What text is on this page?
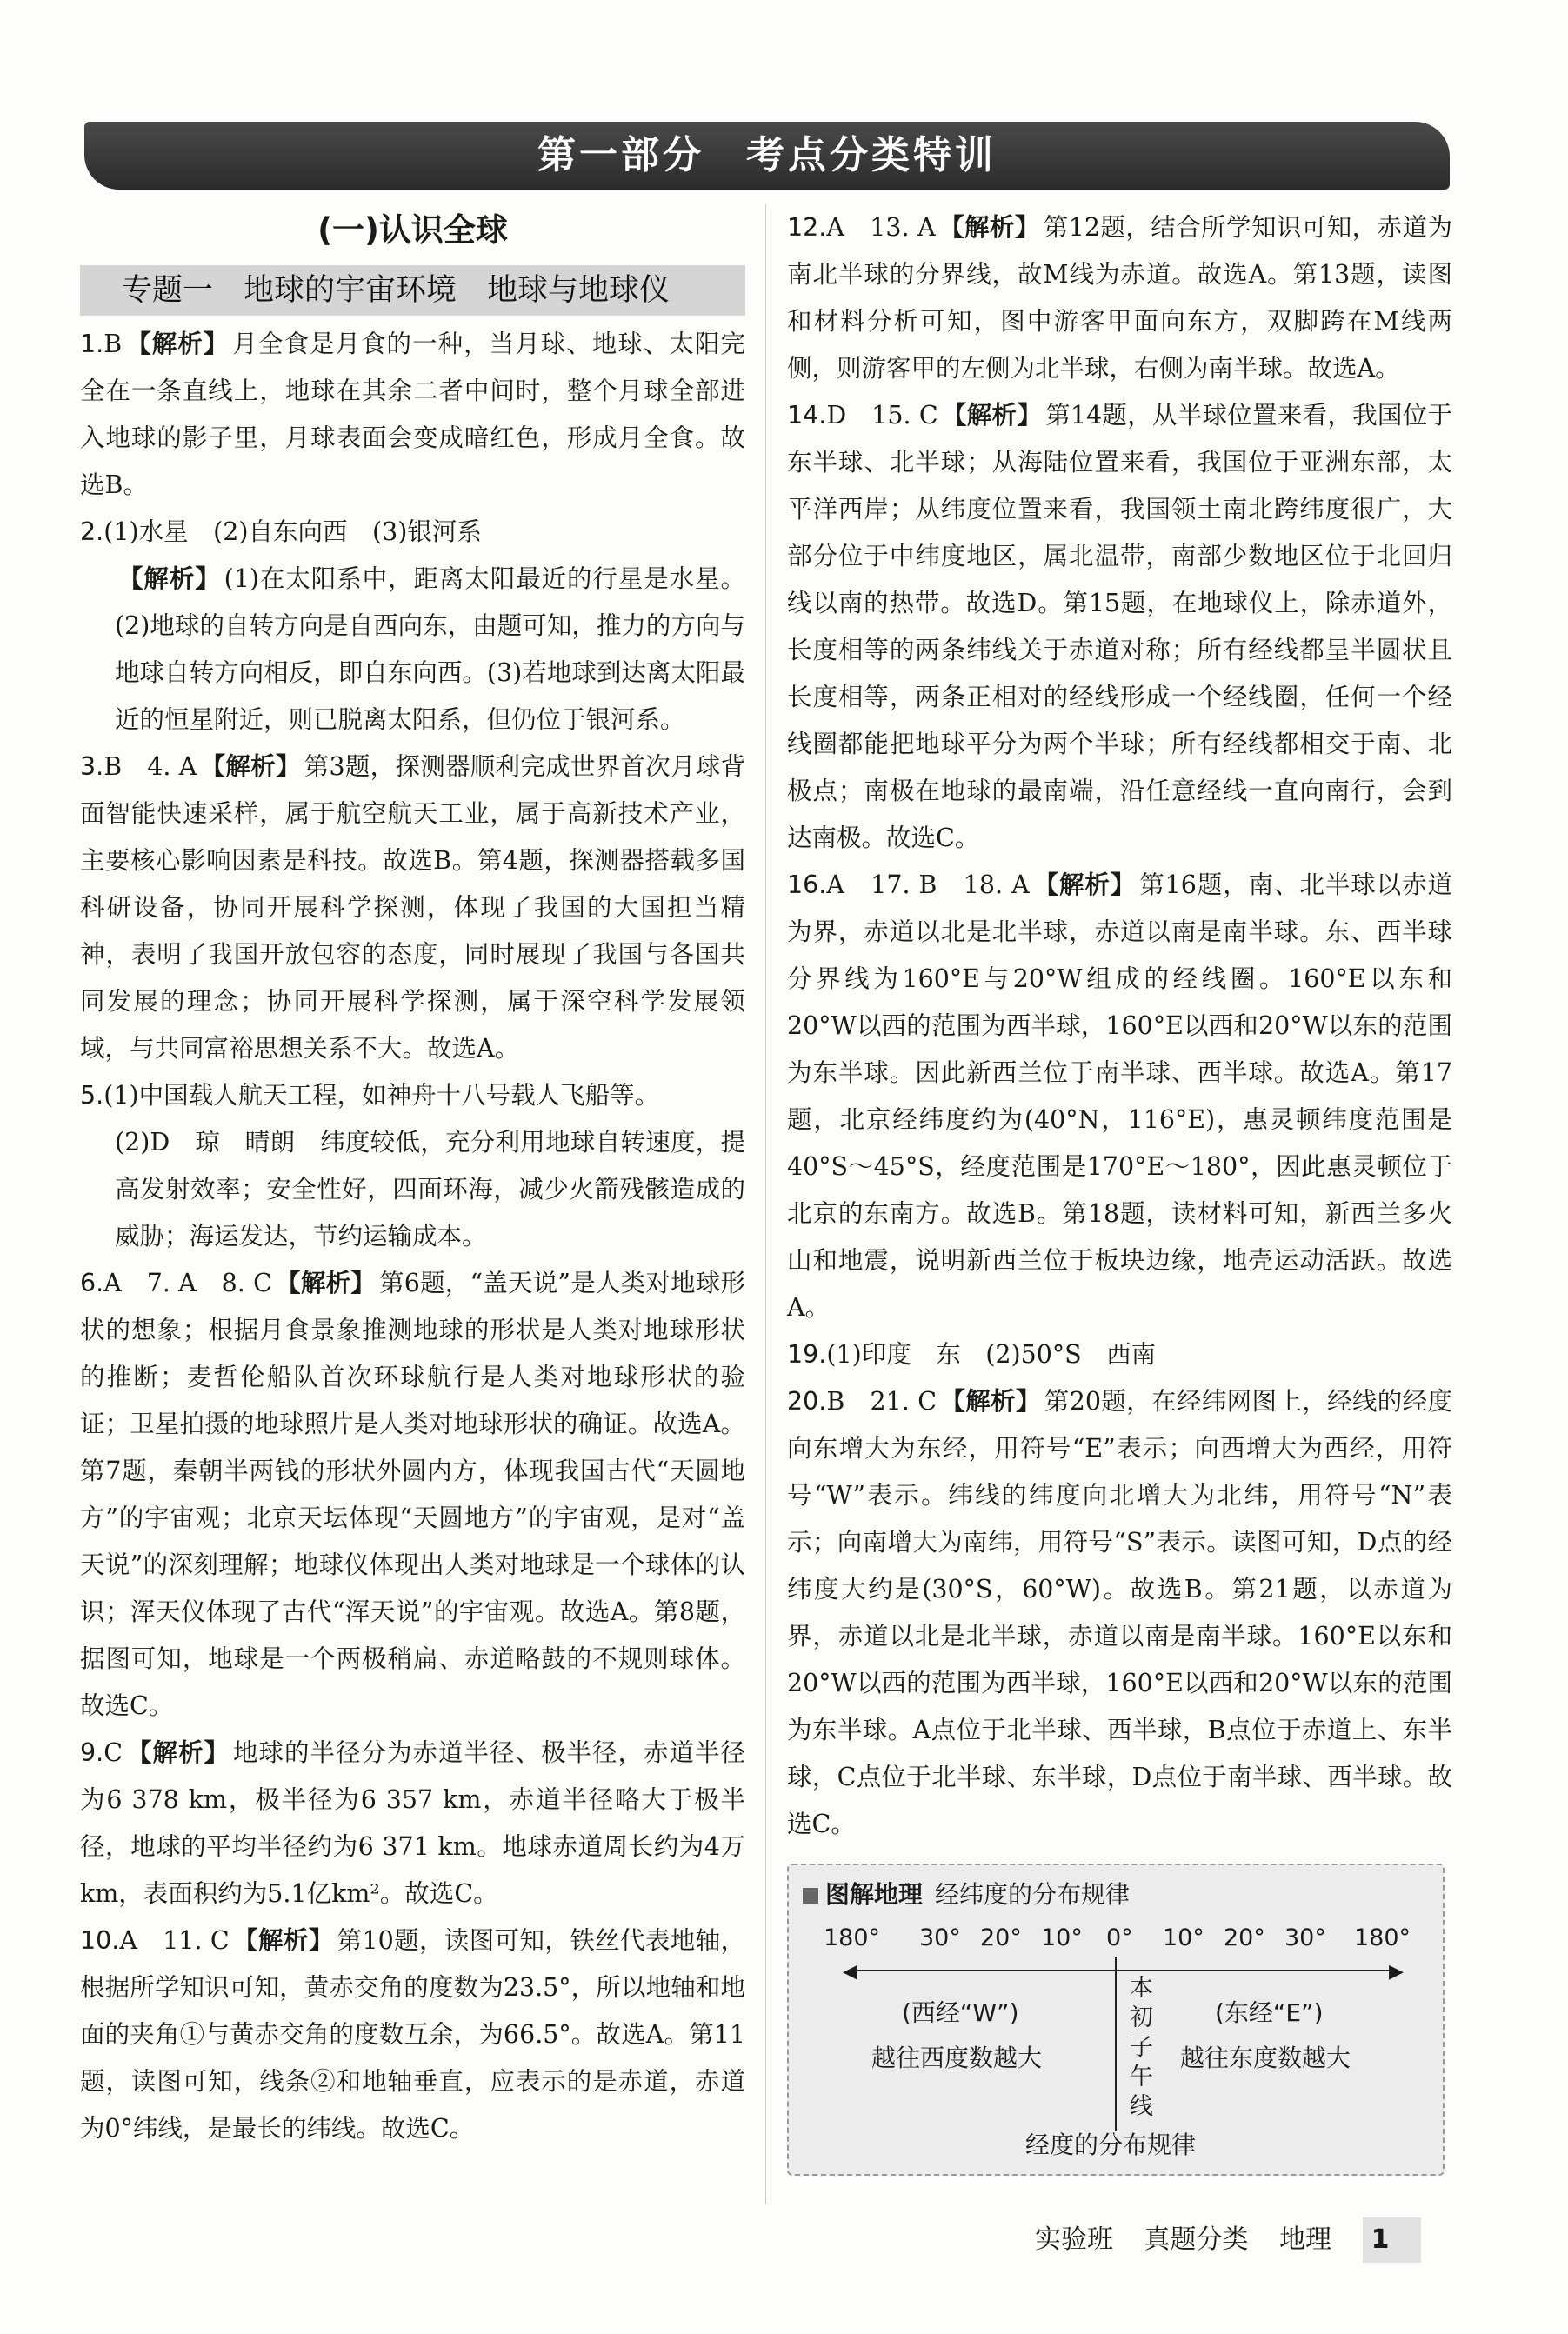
第一部分　考点分类特训
(一)认识全球
专题一　地球的宇宙环境　地球与地球仪

1.B 【解析】 月全食是月食的一种，当月球、地球、太阳完全在一条直线上，地球在其余二者中间时，整个月球全部进入地球的影子里，月球表面会变成暗红色，形成月全食。故选B。

2.(1)水星　(2)自东向西　(3)银河系

【解析】 (1)在太阳系中，距离太阳最近的行星是水星。(2)地球的自转方向是自西向东，由题可知，推力的方向与地球自转方向相反，即自东向西。(3)若地球到达离太阳最近的恒星附近，则已脱离太阳系，但仍位于银河系。

3.B　4. A 【解析】 第3题，探测器顺利完成世界首次月球背面智能快速采样，属于航空航天工业，属于高新技术产业，主要核心影响因素是科技。故选B。第4题，探测器搭载多国科研设备，协同开展科学探测，体现了我国的大国担当精神，表明了我国开放包容的态度，同时展现了我国与各国共同发展的理念；协同开展科学探测，属于深空科学发展领域，与共同富裕思想关系不大。故选A。

5.(1)中国载人航天工程，如神舟十八号载人飞船等。

(2)D　琼　晴朗　纬度较低，充分利用地球自转速度，提高发射效率；安全性好，四面环海，减少火箭残骸造成的威胁；海运发达，节约运输成本。

6.A　7. A　8. C 【解析】 第6题，“盖天说”是人类对地球形状的想象；根据月食景象推测地球的形状是人类对地球形状的推断；麦哲伦船队首次环球航行是人类对地球形状的验证；卫星拍摄的地球照片是人类对地球形状的确证。故选A。第7题，秦朝半两钱的形状外圆内方，体现我国古代“天圆地方”的宇宙观；北京天坛体现“天圆地方”的宇宙观，是对“盖天说”的深刻理解；地球仪体现出人类对地球是一个球体的认识；浑天仪体现了古代“浑天说”的宇宙观。故选A。第8题，据图可知，地球是一个两极稍扁、赤道略鼓的不规则球体。故选C。

9.C 【解析】 地球的半径分为赤道半径、极半径，赤道半径为6 378 km，极半径为6 357 km，赤道半径略大于极半径，地球的平均半径约为6 371 km。地球赤道周长约为4万km，表面积约为5.1亿km²。故选C。

10.A　11. C 【解析】 第10题，读图可知，铁丝代表地轴，根据所学知识可知，黄赤交角的度数为23.5°，所以地轴和地面的夹角①与黄赤交角的度数互余，为66.5°。故选A。第11题，读图可知，线条②和地轴垂直，应表示的是赤道，赤道为0°纬线，是最长的纬线。故选C。

12.A　13. A 【解析】 第12题，结合所学知识可知，赤道为南北半球的分界线，故M线为赤道。故选A。第13题，读图和材料分析可知，图中游客甲面向东方，双脚跨在M线两侧，则游客甲的左侧为北半球，右侧为南半球。故选A。

14.D　15. C 【解析】 第14题，从半球位置来看，我国位于东半球、北半球；从海陆位置来看，我国位于亚洲东部，太平洋西岸；从纬度位置来看，我国领土南北跨纬度很广，大部分位于中纬度地区，属北温带，南部少数地区位于北回归线以南的热带。故选D。第15题，在地球仪上，除赤道外，长度相等的两条纬线关于赤道对称；所有经线都呈半圆状且长度相等，两条正相对的经线形成一个经线圈，任何一个经线圈都能把地球平分为两个半球；所有经线都相交于南、北极点；南极在地球的最南端，沿任意经线一直向南行，会到达南极。故选C。

16.A　17. B　18. A 【解析】 第16题，南、北半球以赤道为界，赤道以北是北半球，赤道以南是南半球。东、西半球分界线为160°E与20°W组成的经线圈。160°E以东和20°W以西的范围为西半球，160°E以西和20°W以东的范围为东半球。因此新西兰位于南半球、西半球。故选A。第17题，北京经纬度约为(40°N，116°E)，惠灵顿纬度范围是40°S～45°S，经度范围是170°E～180°，因此惠灵顿位于北京的东南方。故选B。第18题，读材料可知，新西兰多火山和地震，说明新西兰位于板块边缘，地壳运动活跃。故选A。

19.(1)印度　东　(2)50°S　西南

20.B　21. C 【解析】 第20题，在经纬网图上，经线的经度向东增大为东经，用符号“E”表示；向西增大为西经，用符号“W”表示。纬线的纬度向北增大为北纬，用符号“N”表示；向南增大为南纬，用符号“S”表示。读图可知，D点的经纬度大约是(30°S，60°W)。故选B。第21题，以赤道为界，赤道以北是北半球，赤道以南是南半球。160°E以东和20°W以西的范围为西半球，160°E以西和20°W以东的范围为东半球。A点位于北半球、西半球，B点位于赤道上、东半球，C点位于北半球、东半球，D点位于南半球、西半球。故选C。

图解地理 经纬度的分布规律
180° 30° 20° 10° 0° 10° 20° 30° 180°
◀	▶
本初子午线
(西经“W”)	(东经“E”)
越往西度数越大	越往东度数越大
经度的分布规律
实验班 真题分类 地理 1
